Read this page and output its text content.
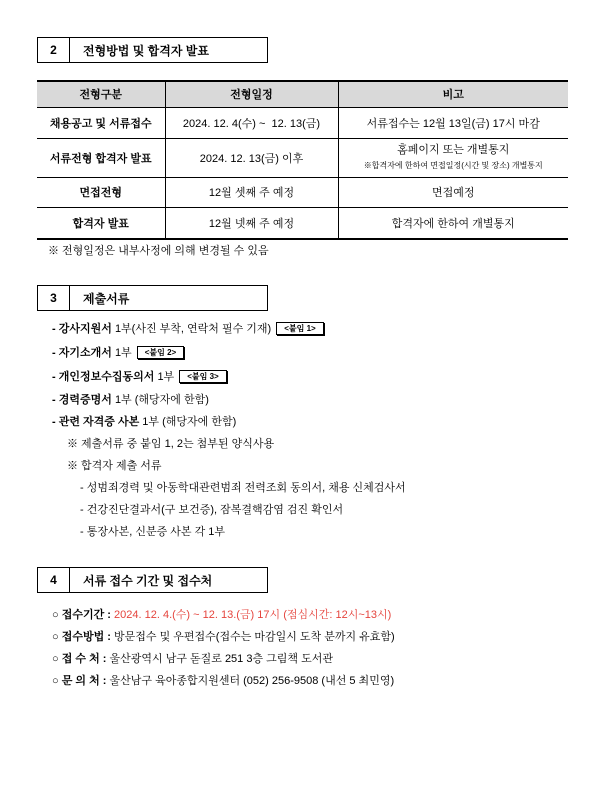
2	전형방법 및 합격자 발표
전형구분	전형일정	비고
채용공고 및 서류접수	2024. 12. 4(수) ~  12. 13(금)	서류접수는 12월 13일(금) 17시 마감
서류전형 합격자 발표	2024. 12. 13(금) 이후	홈페이지 또는 개별통지
※합격자에 한하여 면접일정(시간 및 장소) 개별통지

면접전형	12월 셋째 주 예정	면접예정
합격자 발표	12월 넷째 주 예정	합격자에 한하여 개별통지
※ 전형일정은 내부사정에 의해 변경될 수 있음
3	제출서류
- 강사지원서 1부(사진 부착, 연락처 필수 기재) <붙임 1>
- 자기소개서 1부 <붙임 2>
- 개인정보수집동의서 1부 <붙임 3>
- 경력증명서 1부 (해당자에 한함)
- 관련 자격증 사본 1부 (해당자에 한함)
※ 제출서류 중 붙임 1, 2는 첨부된 양식사용
※ 합격자 제출 서류
- 성범죄경력 및 아동학대관련범죄 전력조회 동의서, 채용 신체검사서
- 건강진단결과서(구 보건증), 잠복결핵감염 검진 확인서
- 통장사본, 신분증 사본 각 1부
4	서류 접수 기간 및 접수처
○ 접수기간 : 2024. 12. 4.(수) ~ 12. 13.(금) 17시 (점심시간: 12시~13시)
○ 접수방법 : 방문접수 및 우편접수(접수는 마감일시 도착 분까지 유효함)
○ 접 수 처 : 울산광역시 남구 돋질로 251 3층 그림책 도서관
○ 문 의 처 : 울산남구 육아종합지원센터 (052) 256-9508 (내선 5 최민영)
